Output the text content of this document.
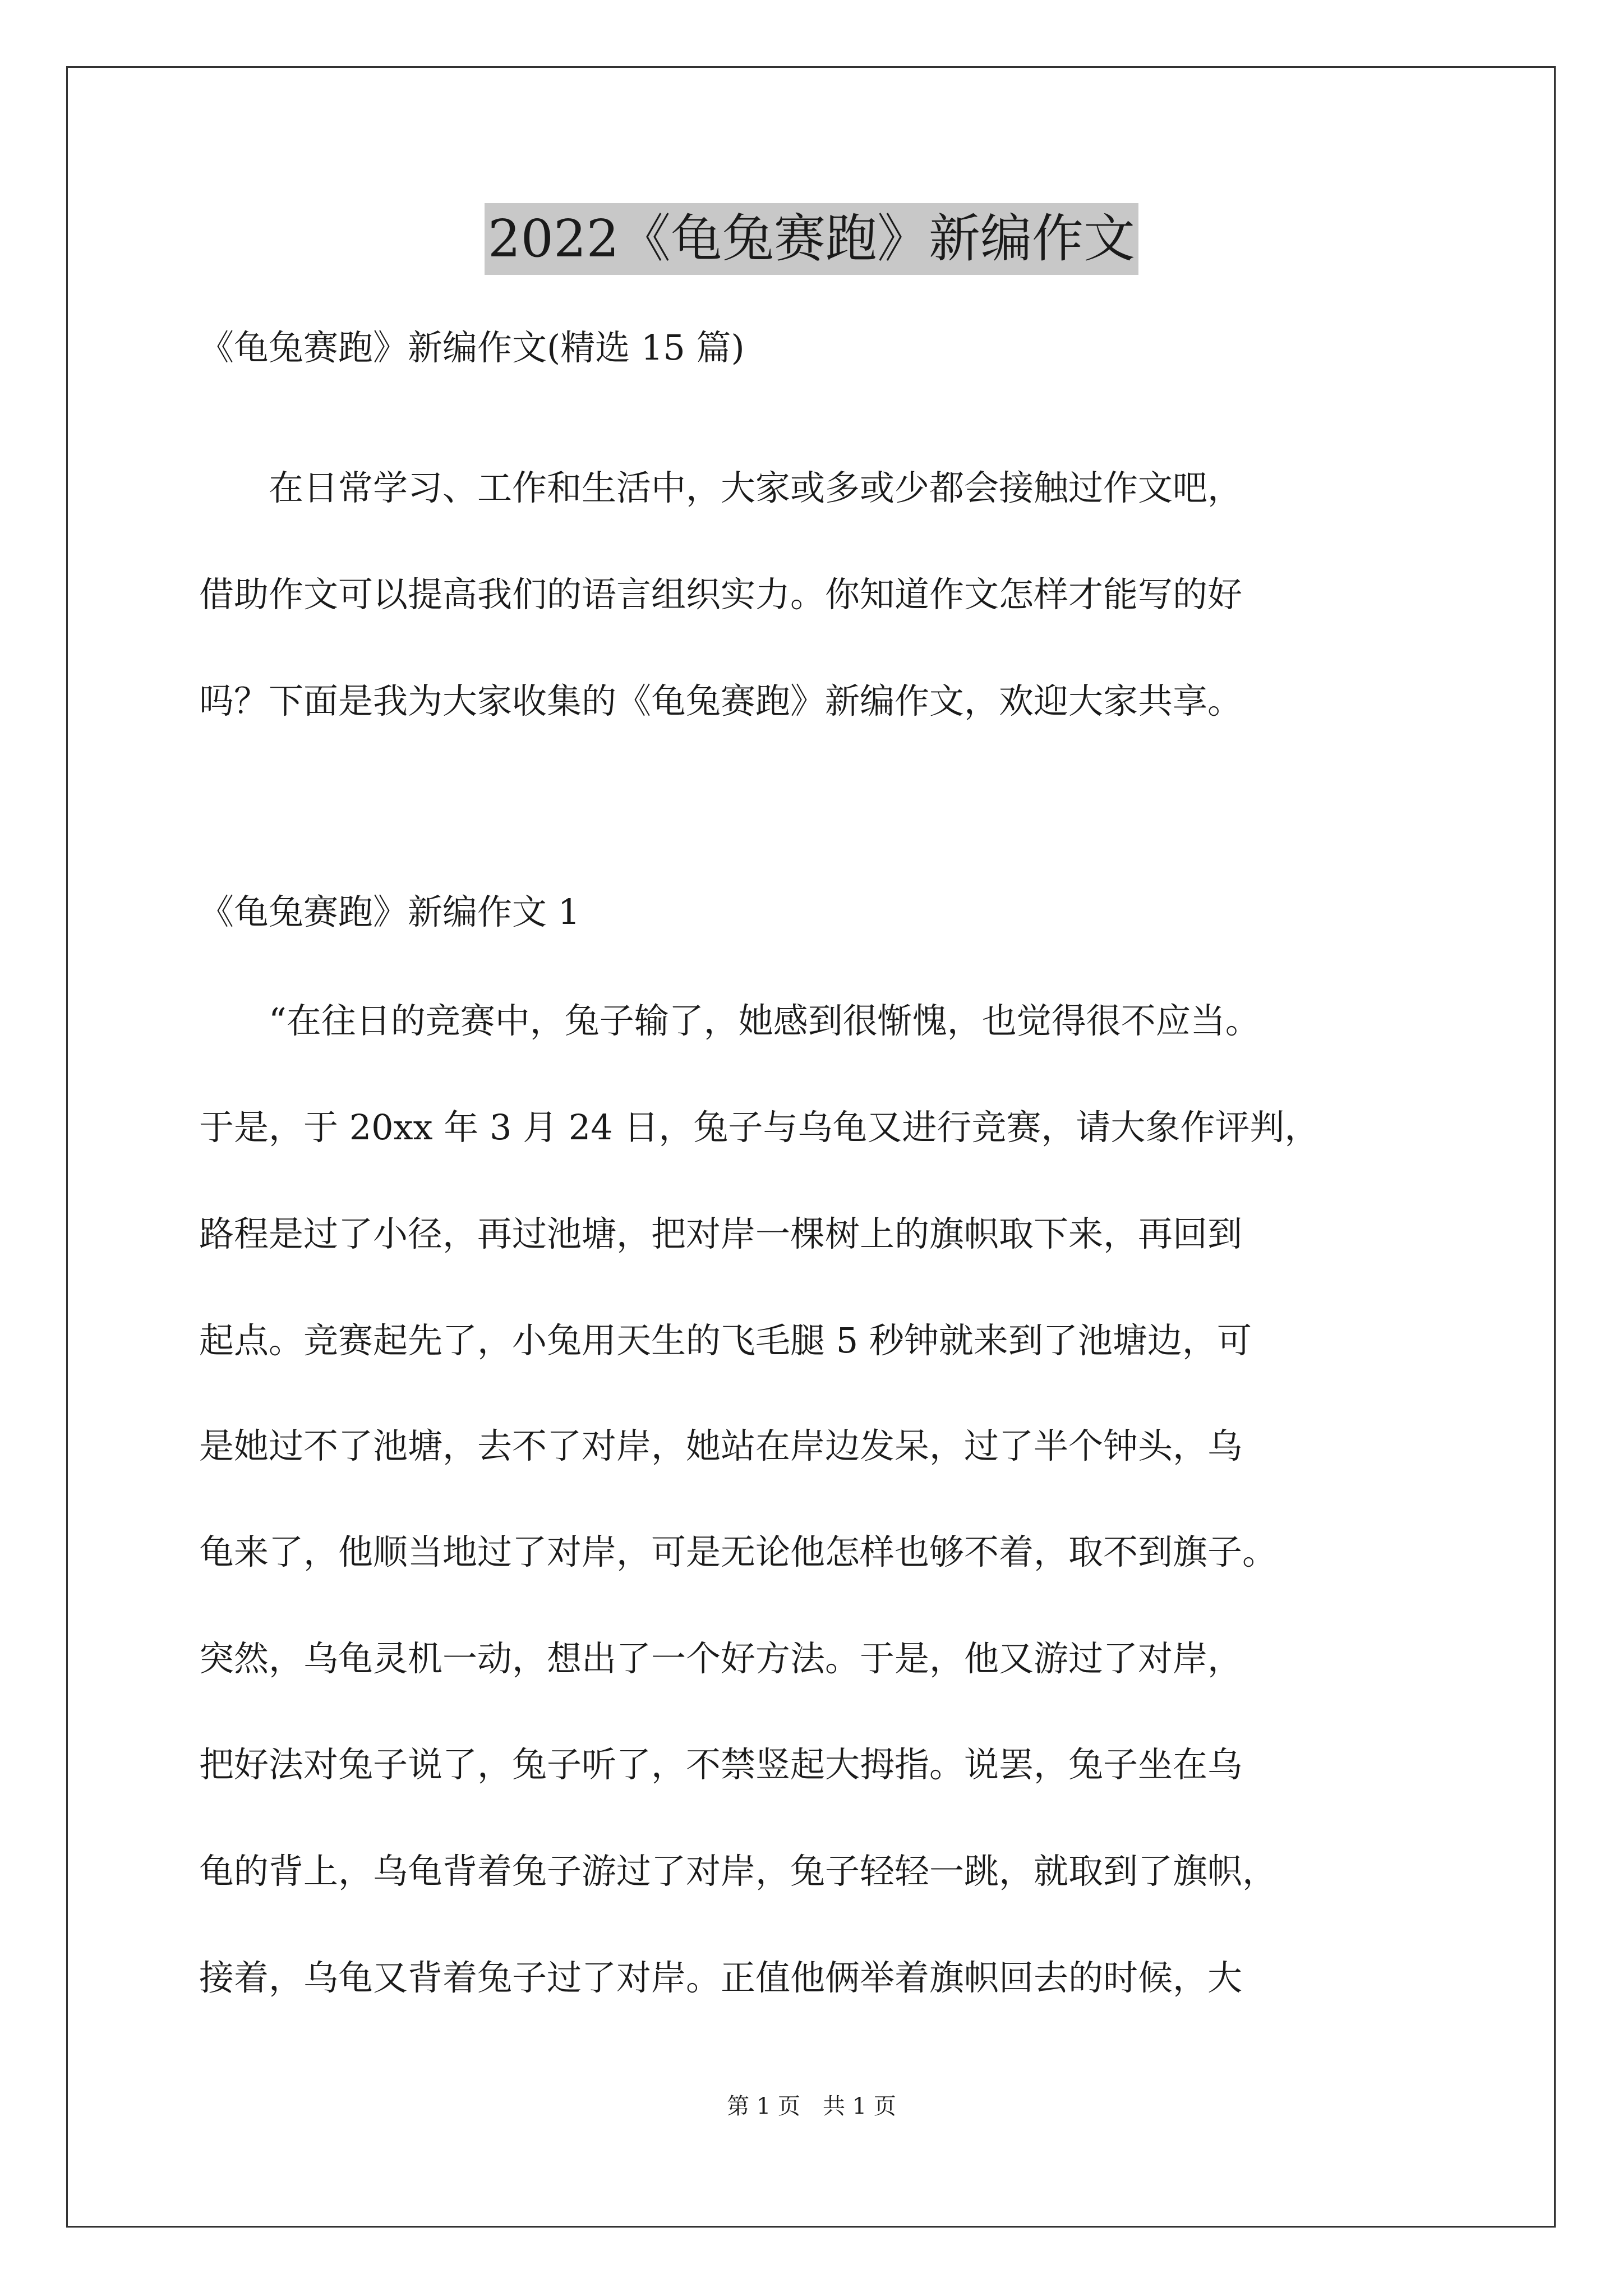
2022《龟兔赛跑》新编作文
《龟兔赛跑》新编作文(精选 15 篇)
　　在日常学习、工作和生活中，大家或多或少都会接触过作文吧，
借助作文可以提高我们的语言组织实力。你知道作文怎样才能写的好
吗？下面是我为大家收集的《龟兔赛跑》新编作文，欢迎大家共享。
《龟兔赛跑》新编作文 1
　　“在往日的竞赛中，兔子输了，她感到很惭愧，也觉得很不应当。
于是，于 20xx 年 3 月 24 日，兔子与乌龟又进行竞赛，请大象作评判，
路程是过了小径，再过池塘，把对岸一棵树上的旗帜取下来，再回到
起点。竞赛起先了，小兔用天生的飞毛腿 5 秒钟就来到了池塘边，可
是她过不了池塘，去不了对岸，她站在岸边发呆，过了半个钟头，乌
龟来了，他顺当地过了对岸，可是无论他怎样也够不着，取不到旗子。
突然，乌龟灵机一动，想出了一个好方法。于是，他又游过了对岸，
把好法对兔子说了，兔子听了，不禁竖起大拇指。说罢，兔子坐在乌
龟的背上，乌龟背着兔子游过了对岸，兔子轻轻一跳，就取到了旗帜，
接着，乌龟又背着兔子过了对岸。正值他俩举着旗帜回去的时候，大
第 1 页　共 1 页
